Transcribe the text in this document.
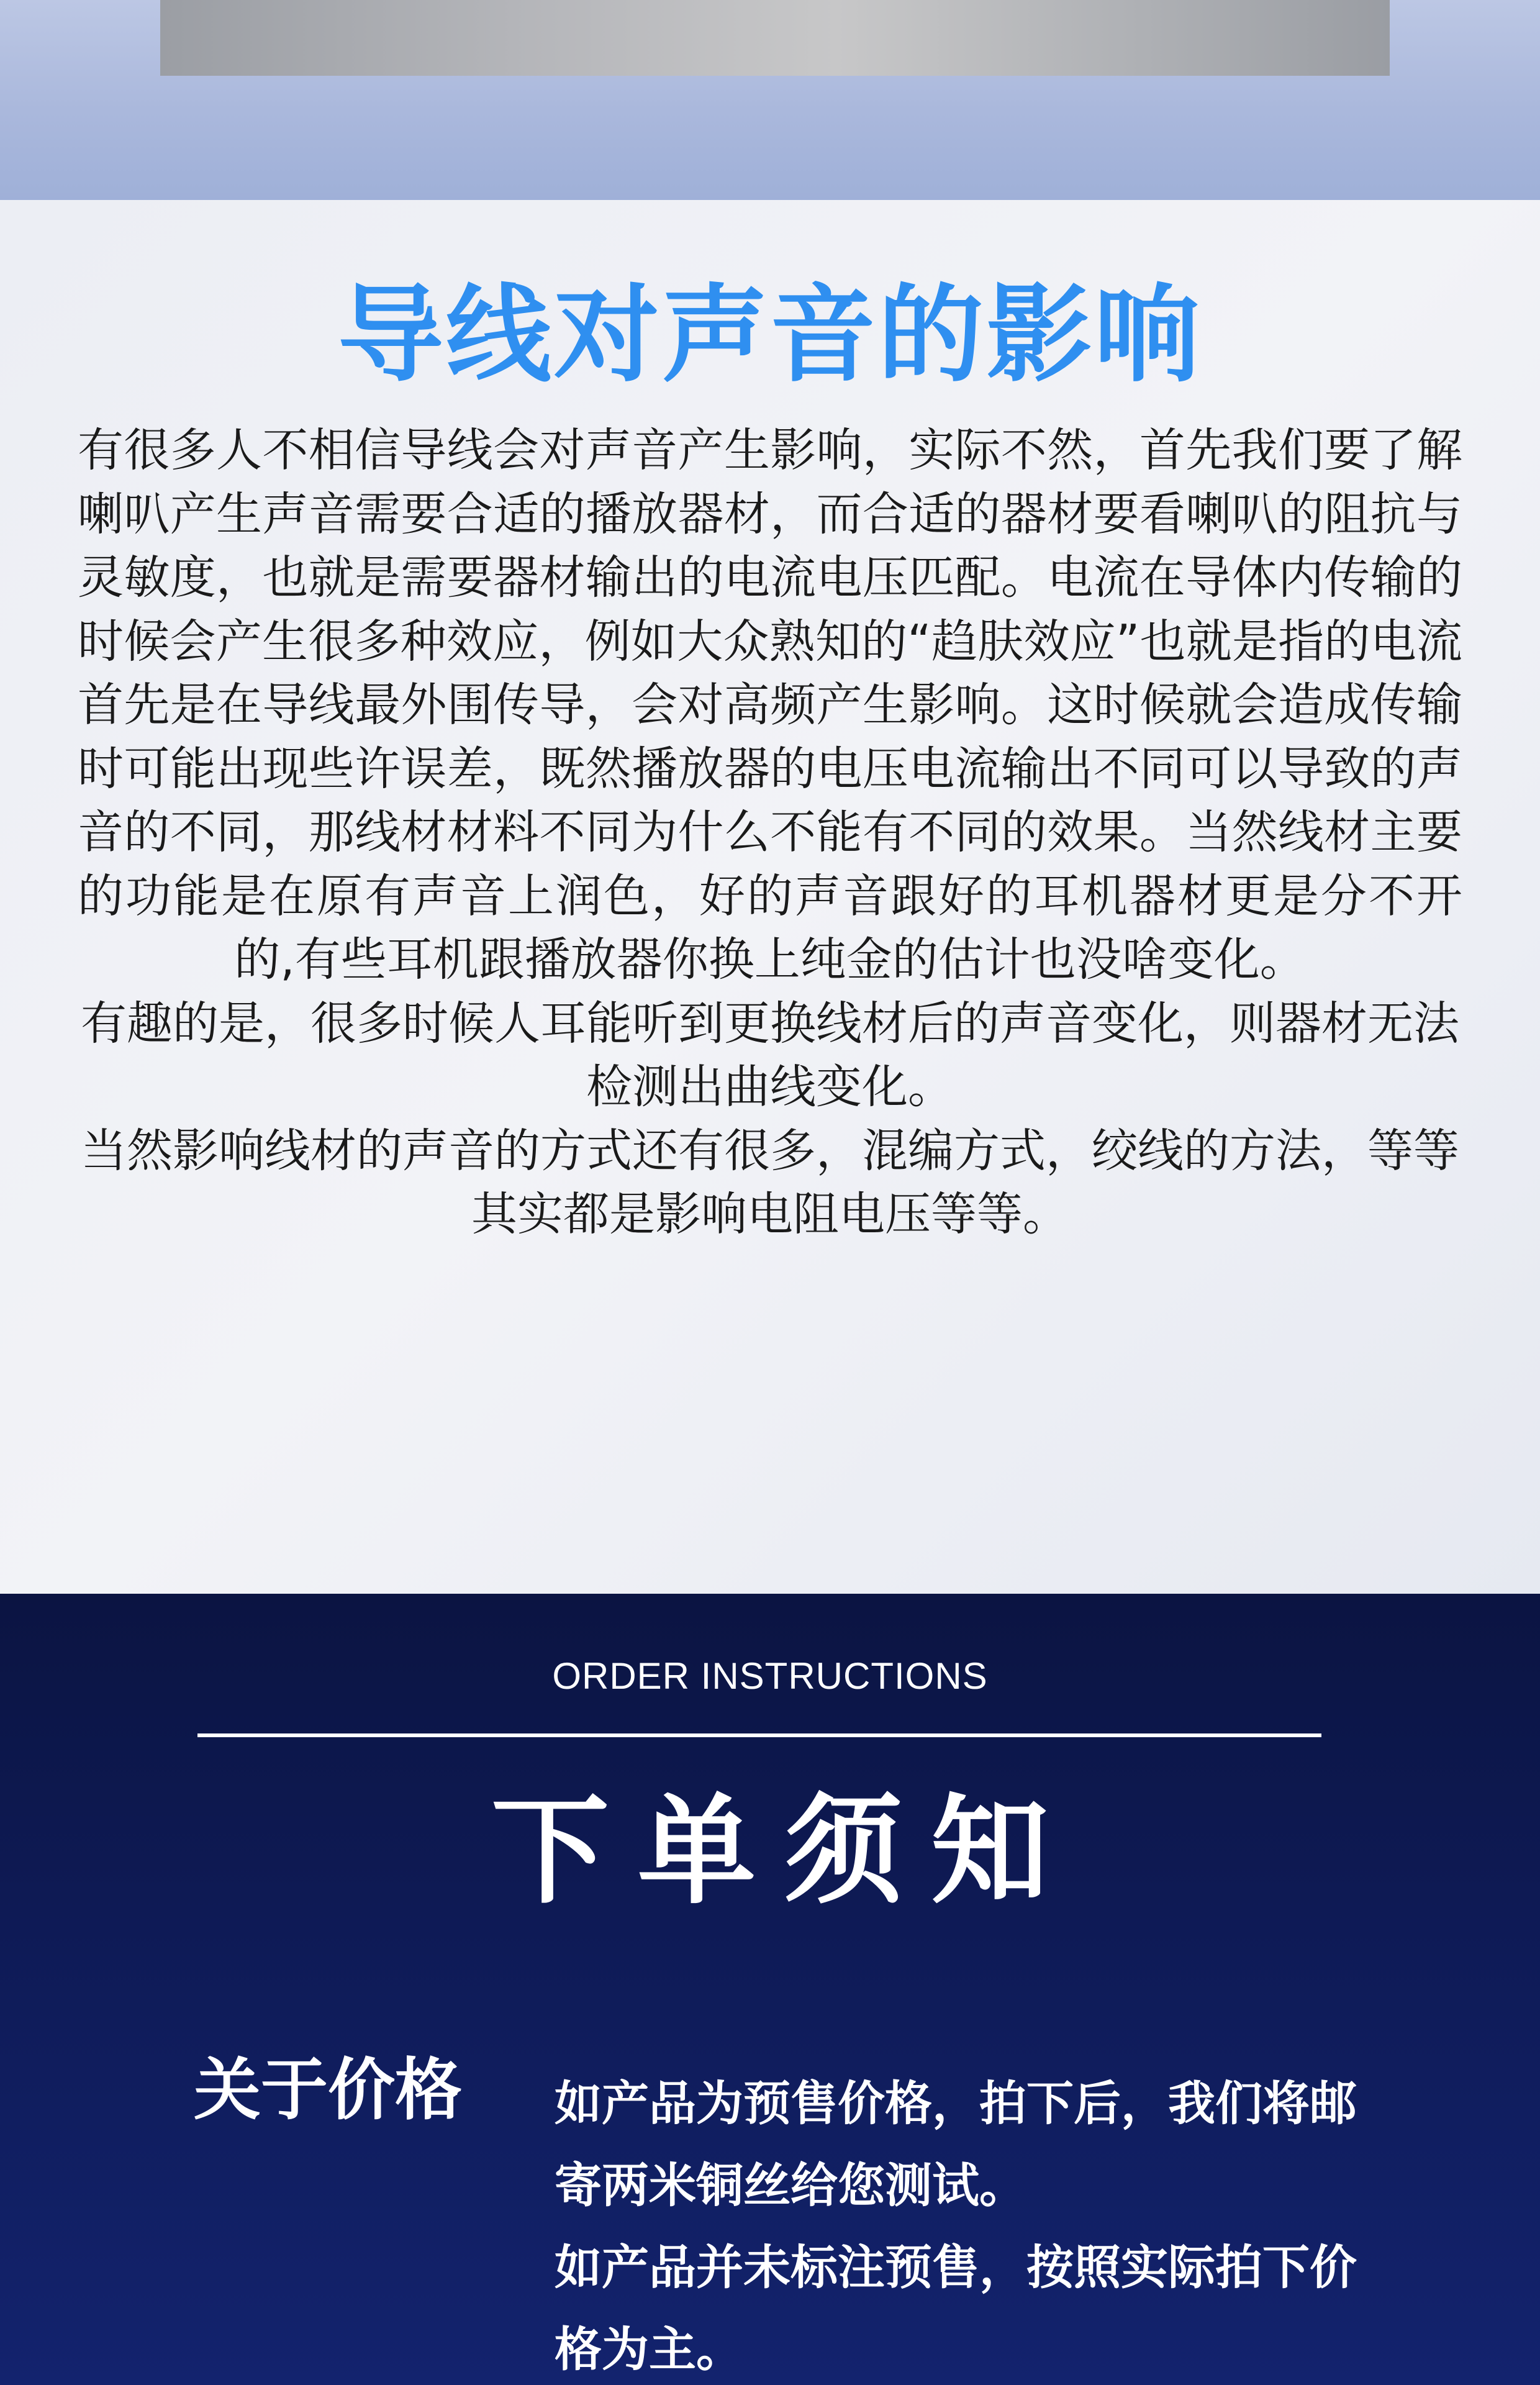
导线对声音的影响

有很多人不相信导线会对声音产生影响，实际不然，首先我们要了解喇叭产生声音需要合适的播放器材，而合适的器材要看喇叭的阻抗与灵敏度，也就是需要器材输出的电流电压匹配。电流在导体内传输的时候会产生很多种效应，例如大众熟知的“趋肤效应”也就是指的电流首先是在导线最外围传导，会对高频产生影响。这时候就会造成传输时可能出现些许误差，既然播放器的电压电流输出不同可以导致的声音的不同，那线材材料不同为什么不能有不同的效果。当然线材主要的功能是在原有声音上润色，好的声音跟好的耳机器材更是分不开的,有些耳机跟播放器你换上纯金的估计也没啥变化。

有趣的是，很多时候人耳能听到更换线材后的声音变化，则器材无法检测出曲线变化。

当然影响线材的声音的方式还有很多，混编方式，绞线的方法，等等其实都是影响电阻电压等等。

ORDER INSTRUCTIONS

下单须知
关于价格 如产品为预售价格，拍下后，我们将邮寄两米铜丝给您测试。

如产品并未标注预售，按照实际拍下价格为主。
